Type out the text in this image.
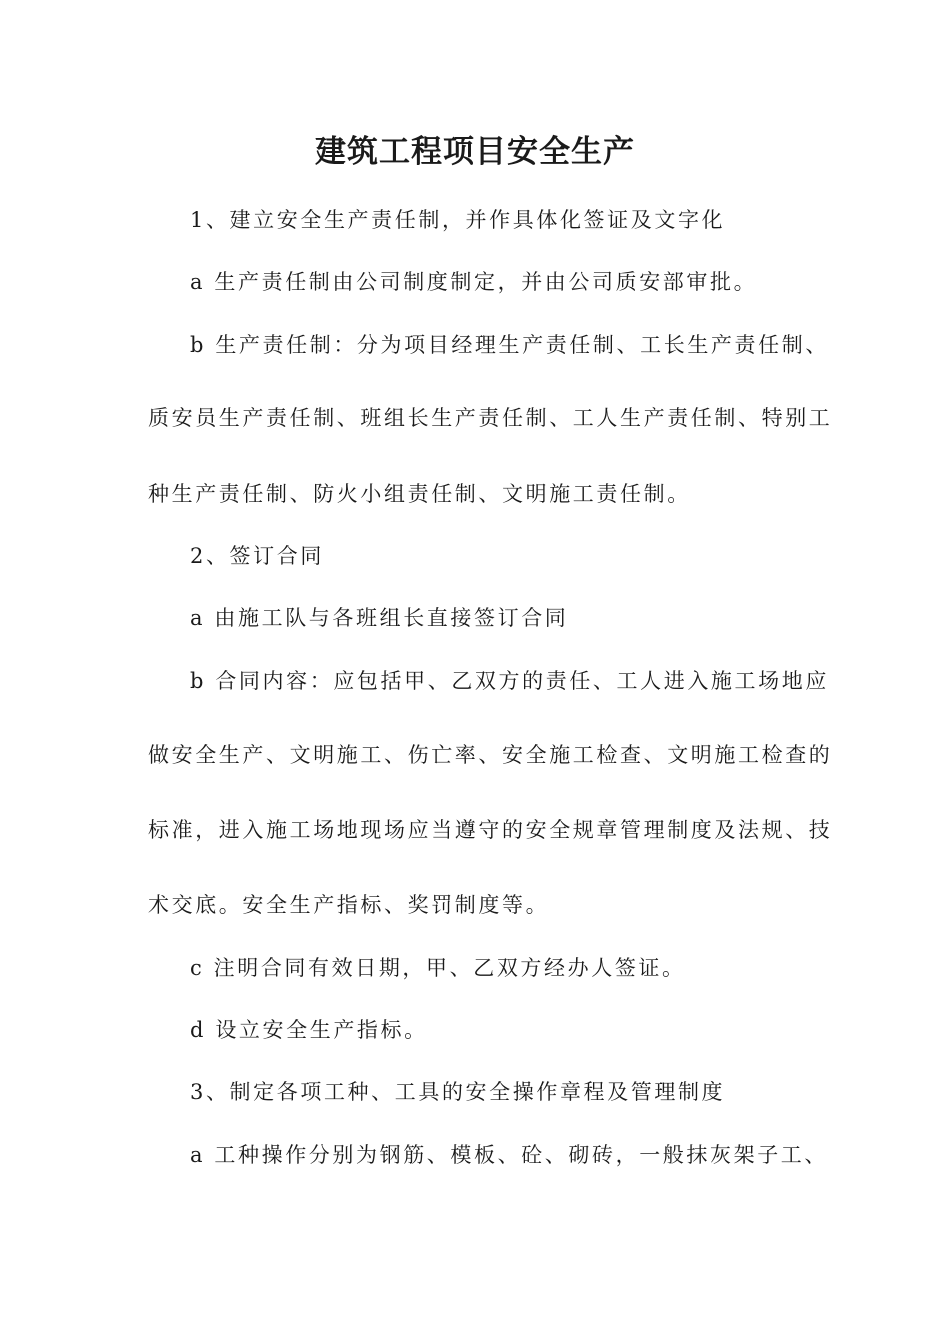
建筑工程项目安全生产

1、建立安全生产责任制，并作具体化签证及文字化

a 生产责任制由公司制度制定，并由公司质安部审批。

b 生产责任制：分为项目经理生产责任制、工长生产责任制、

质安员生产责任制、班组长生产责任制、工人生产责任制、特别工

种生产责任制、防火小组责任制、文明施工责任制。

2、签订合同

a 由施工队与各班组长直接签订合同

b 合同内容：应包括甲、乙双方的责任、工人进入施工场地应

做安全生产、文明施工、伤亡率、安全施工检查、文明施工检查的

标准，进入施工场地现场应当遵守的安全规章管理制度及法规、技

术交底。安全生产指标、奖罚制度等。

c 注明合同有效日期，甲、乙双方经办人签证。

d 设立安全生产指标。

3、制定各项工种、工具的安全操作章程及管理制度

a 工种操作分别为钢筋、模板、砼、砌砖，一般抹灰架子工、
